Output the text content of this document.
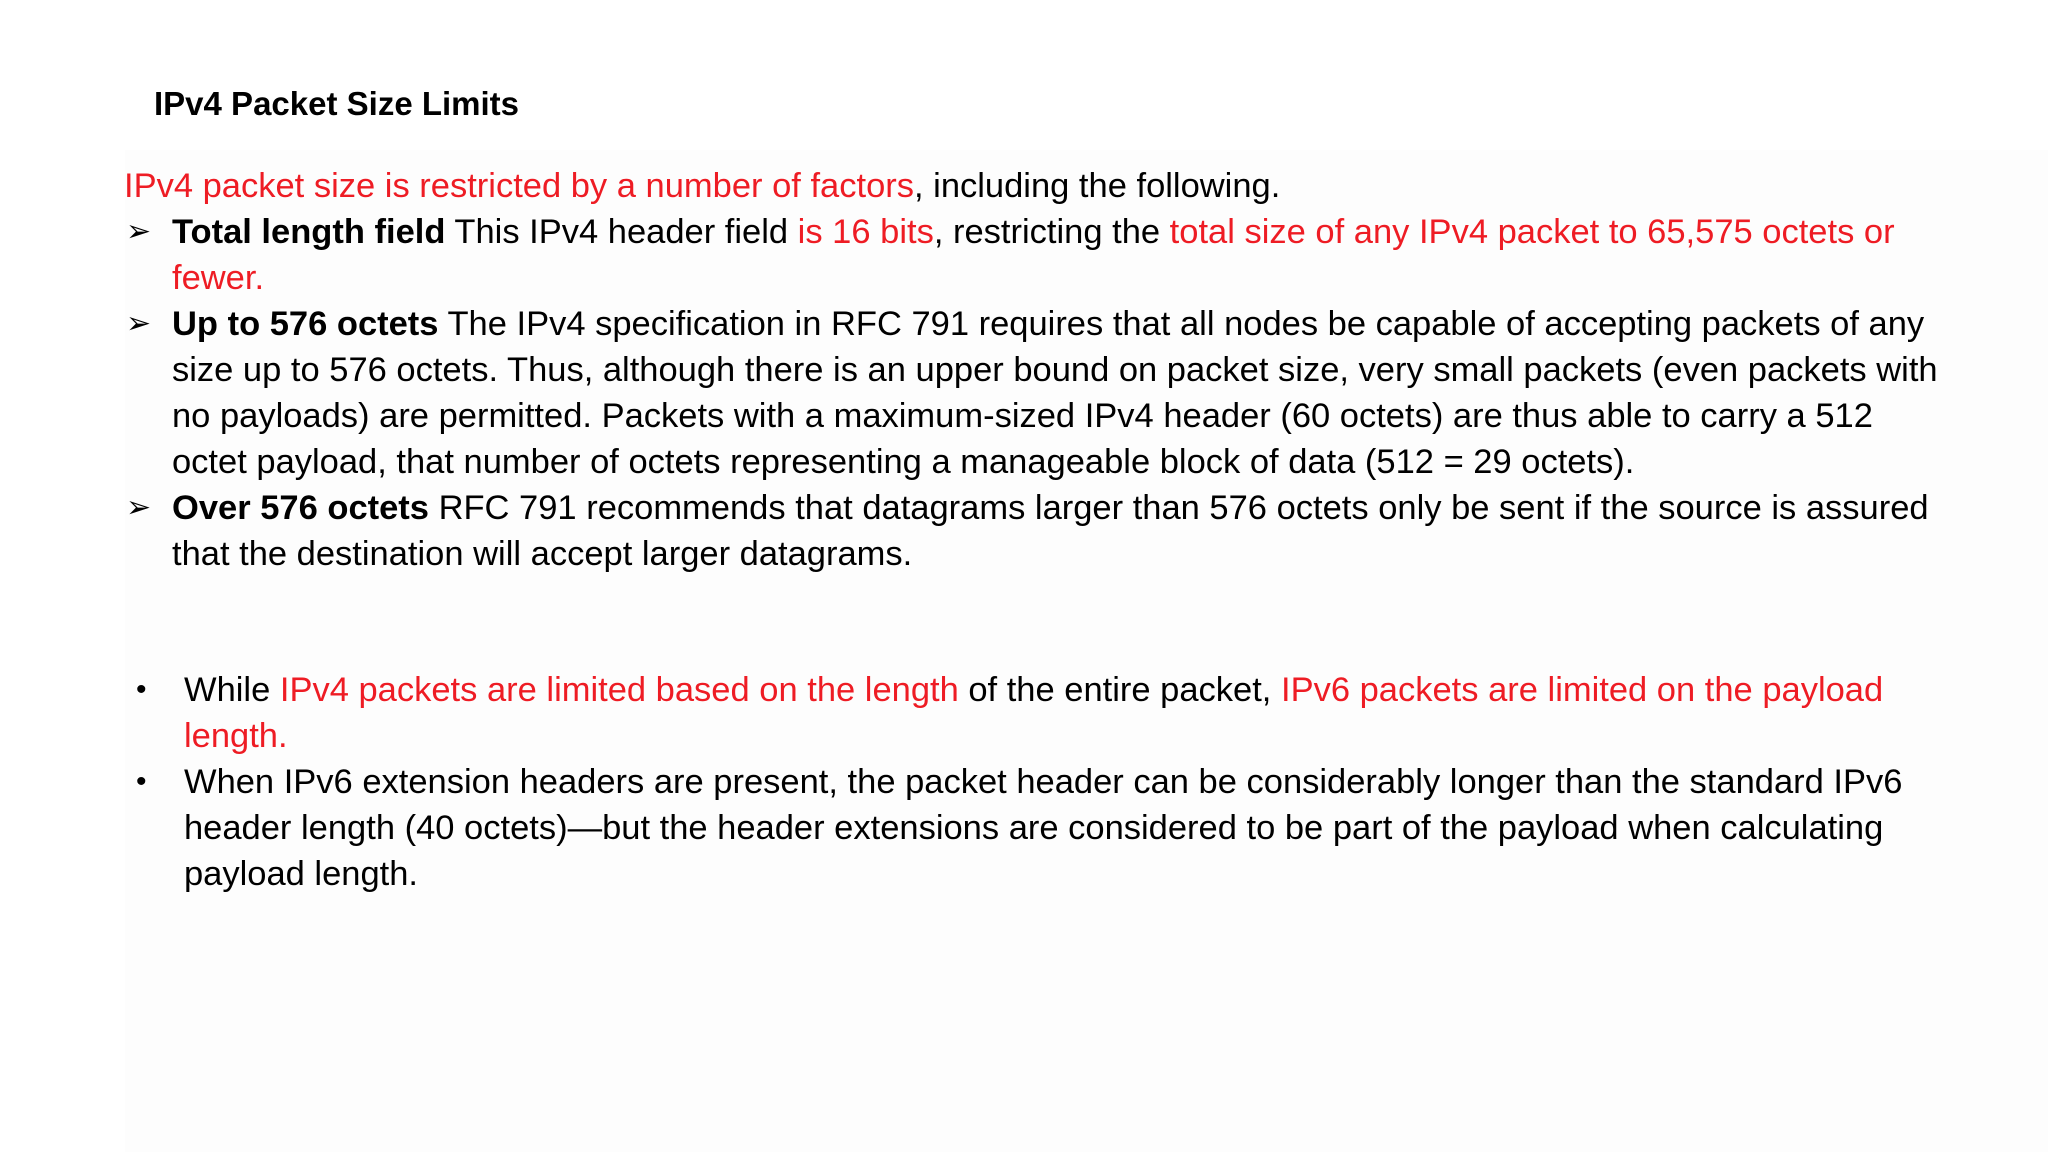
IPv4 Packet Size Limits

IPv4 packet size is restricted by a number of factors, including the following.

➢ Total length field This IPv4 header field is 16 bits, restricting the total size of any IPv4 packet to 65,575 octets or fewer.
➢ Up to 576 octets The IPv4 specification in RFC 791 requires that all nodes be capable of accepting packets of any size up to 576 octets. Thus, although there is an upper bound on packet size, very small packets (even packets with no payloads) are permitted. Packets with a maximum-sized IPv4 header (60 octets) are thus able to carry a 512 octet payload, that number of octets representing a manageable block of data (512 = 29 octets).
➢ Over 576 octets RFC 791 recommends that datagrams larger than 576 octets only be sent if the source is assured that the destination will accept larger datagrams.
• While IPv4 packets are limited based on the length of the entire packet, IPv6 packets are limited on the payload length.
• When IPv6 extension headers are present, the packet header can be considerably longer than the standard IPv6 header length (40 octets)—but the header extensions are considered to be part of the payload when calculating payload length.
